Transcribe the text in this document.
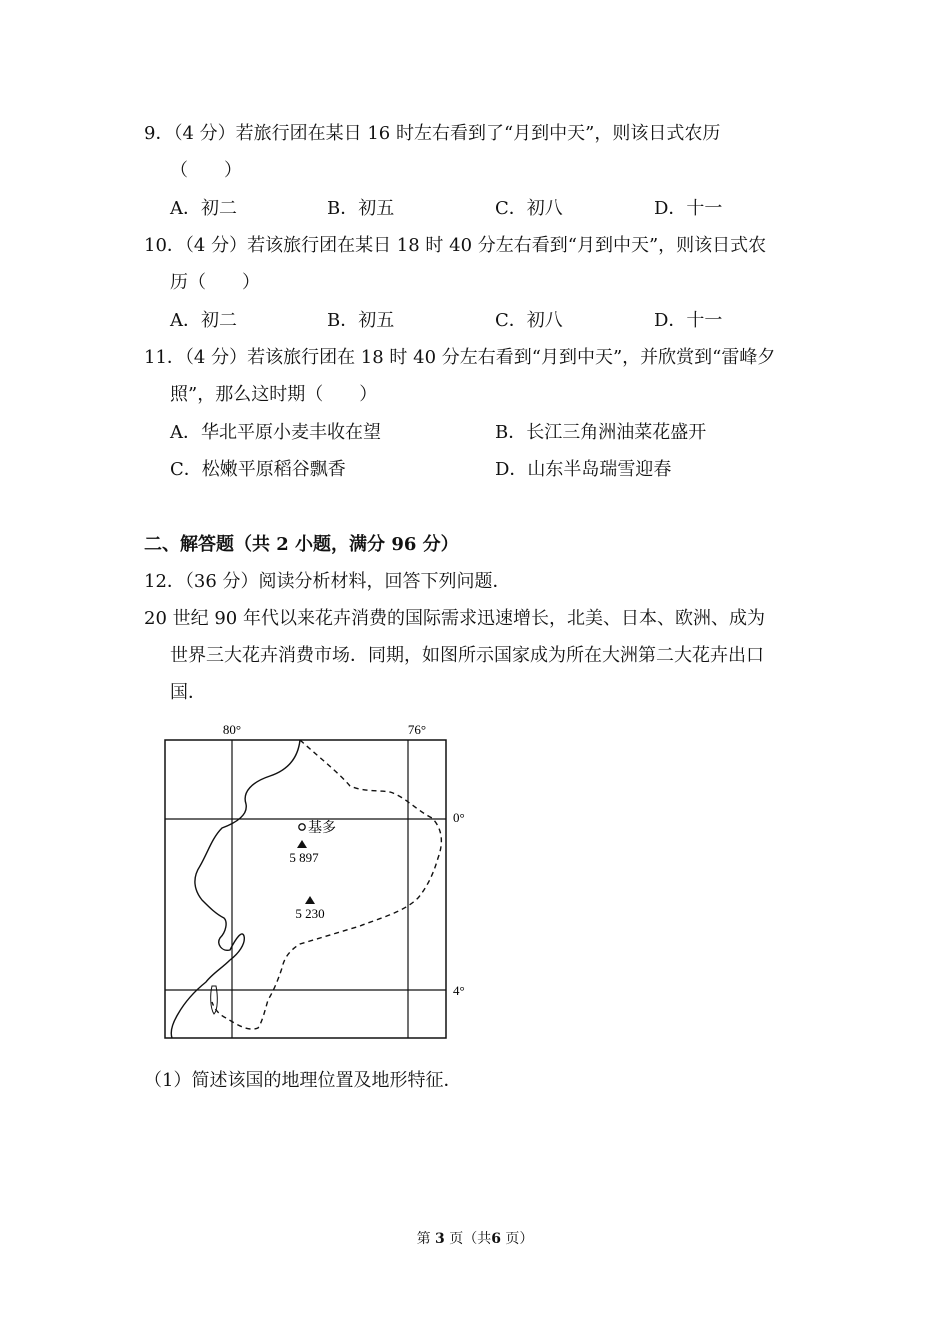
9．（4 分）若旅行团在某日 16 时左右看到了“月到中天”，则该日式农历
（　　）
A．初二	B．初五	C．初八	D．十一
10．（4 分）若该旅行团在某日 18 时 40 分左右看到“月到中天”，则该日式农
历（　　）
A．初二	B．初五	C．初八	D．十一
11．（4 分）若该旅行团在 18 时 40 分左右看到“月到中天”，并欣赏到“雷峰夕
照”，那么这时期（　　）
A．华北平原小麦丰收在望	B．长江三角洲油菜花盛开
C．松嫩平原稻谷飘香	D．山东半岛瑞雪迎春
二、解答题（共 2 小题，满分 96 分）
12．（36 分）阅读分析材料，回答下列问题．
20 世纪 90 年代以来花卉消费的国际需求迅速增长，北美、日本、欧洲、成为
世界三大花卉消费市场．同期，如图所示国家成为所在大洲第二大花卉出口
国．
80°	76°
0°
4°
基多
5 897
5 230
（1）简述该国的地理位置及地形特征．
第 3 页（共6 页）
